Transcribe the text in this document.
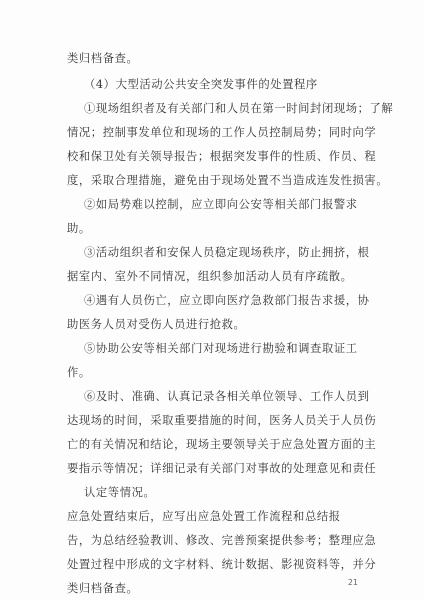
类归档备查。
（4）大型活动公共安全突发事件的处置程序
①现场组织者及有关部门和人员在第一时间封闭现场；了解
情况；控制事发单位和现场的工作人员控制局势；同时向学
校和保卫处有关领导报告；根据突发事件的性质、作员、程
度，采取合理措施，避免由于现场处置不当造成连发性损害。
②如局势难以控制，应立即向公安等相关部门报警求
助。
③活动组织者和安保人员稳定现场秩序，防止拥挤，根
据室内、室外不同情况，组织参加活动人员有序疏散。
④遇有人员伤亡，应立即向医疗急救部门报告求援，协
助医务人员对受伤人员进行抢救。
⑤协助公安等相关部门对现场进行勘验和调查取证工
作。
⑥及时、准确、认真记录各相关单位领导、工作人员到
达现场的时间，采取重要措施的时间，医务人员关于人员伤
亡的有关情况和结论，现场主要领导关于应急处置方面的主
要指示等情况；详细记录有关部门对事故的处理意见和责任
认定等情况。
应急处置结束后，应写出应急处置工作流程和总结报
告，为总结经验教训、修改、完善预案提供参考；整理应急
处置过程中形成的文字材料、统计数据、影视资料等，并分
类归档备查。	21
